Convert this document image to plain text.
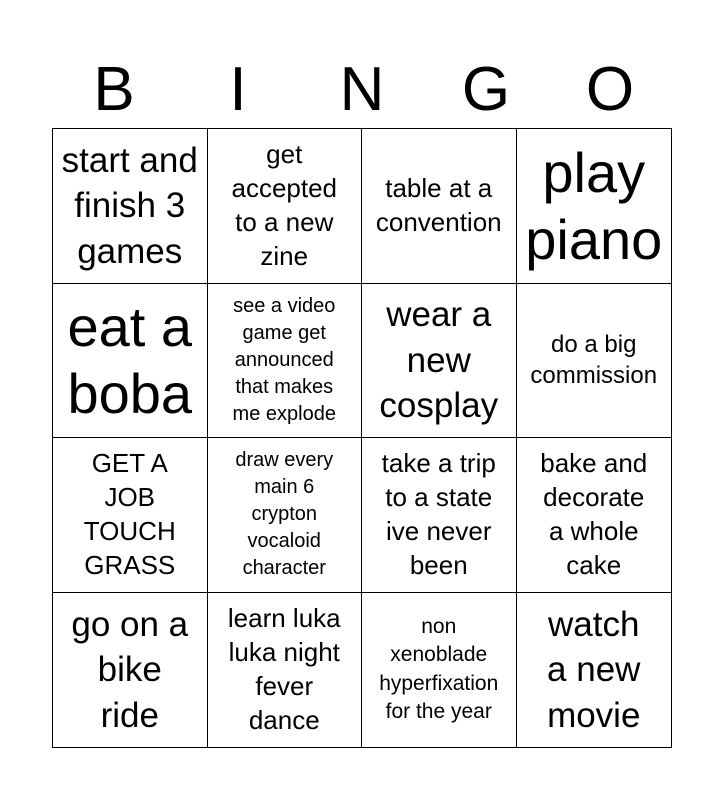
B	I	N	G	O
start and
finish 3
games
get
accepted
to a new
zine
table at a
convention
play
piano
eat a
boba
see a video
game get
announced
that makes
me explode
wear a
new
cosplay
do a big
commission
GET A
JOB
TOUCH
GRASS
draw every
main 6
crypton
vocaloid
character
take a trip
to a state
ive never
been
bake and
decorate
a whole
cake
go on a
bike
ride
learn luka
luka night
fever
dance
non
xenoblade
hyperfixation
for the year
watch
a new
movie
